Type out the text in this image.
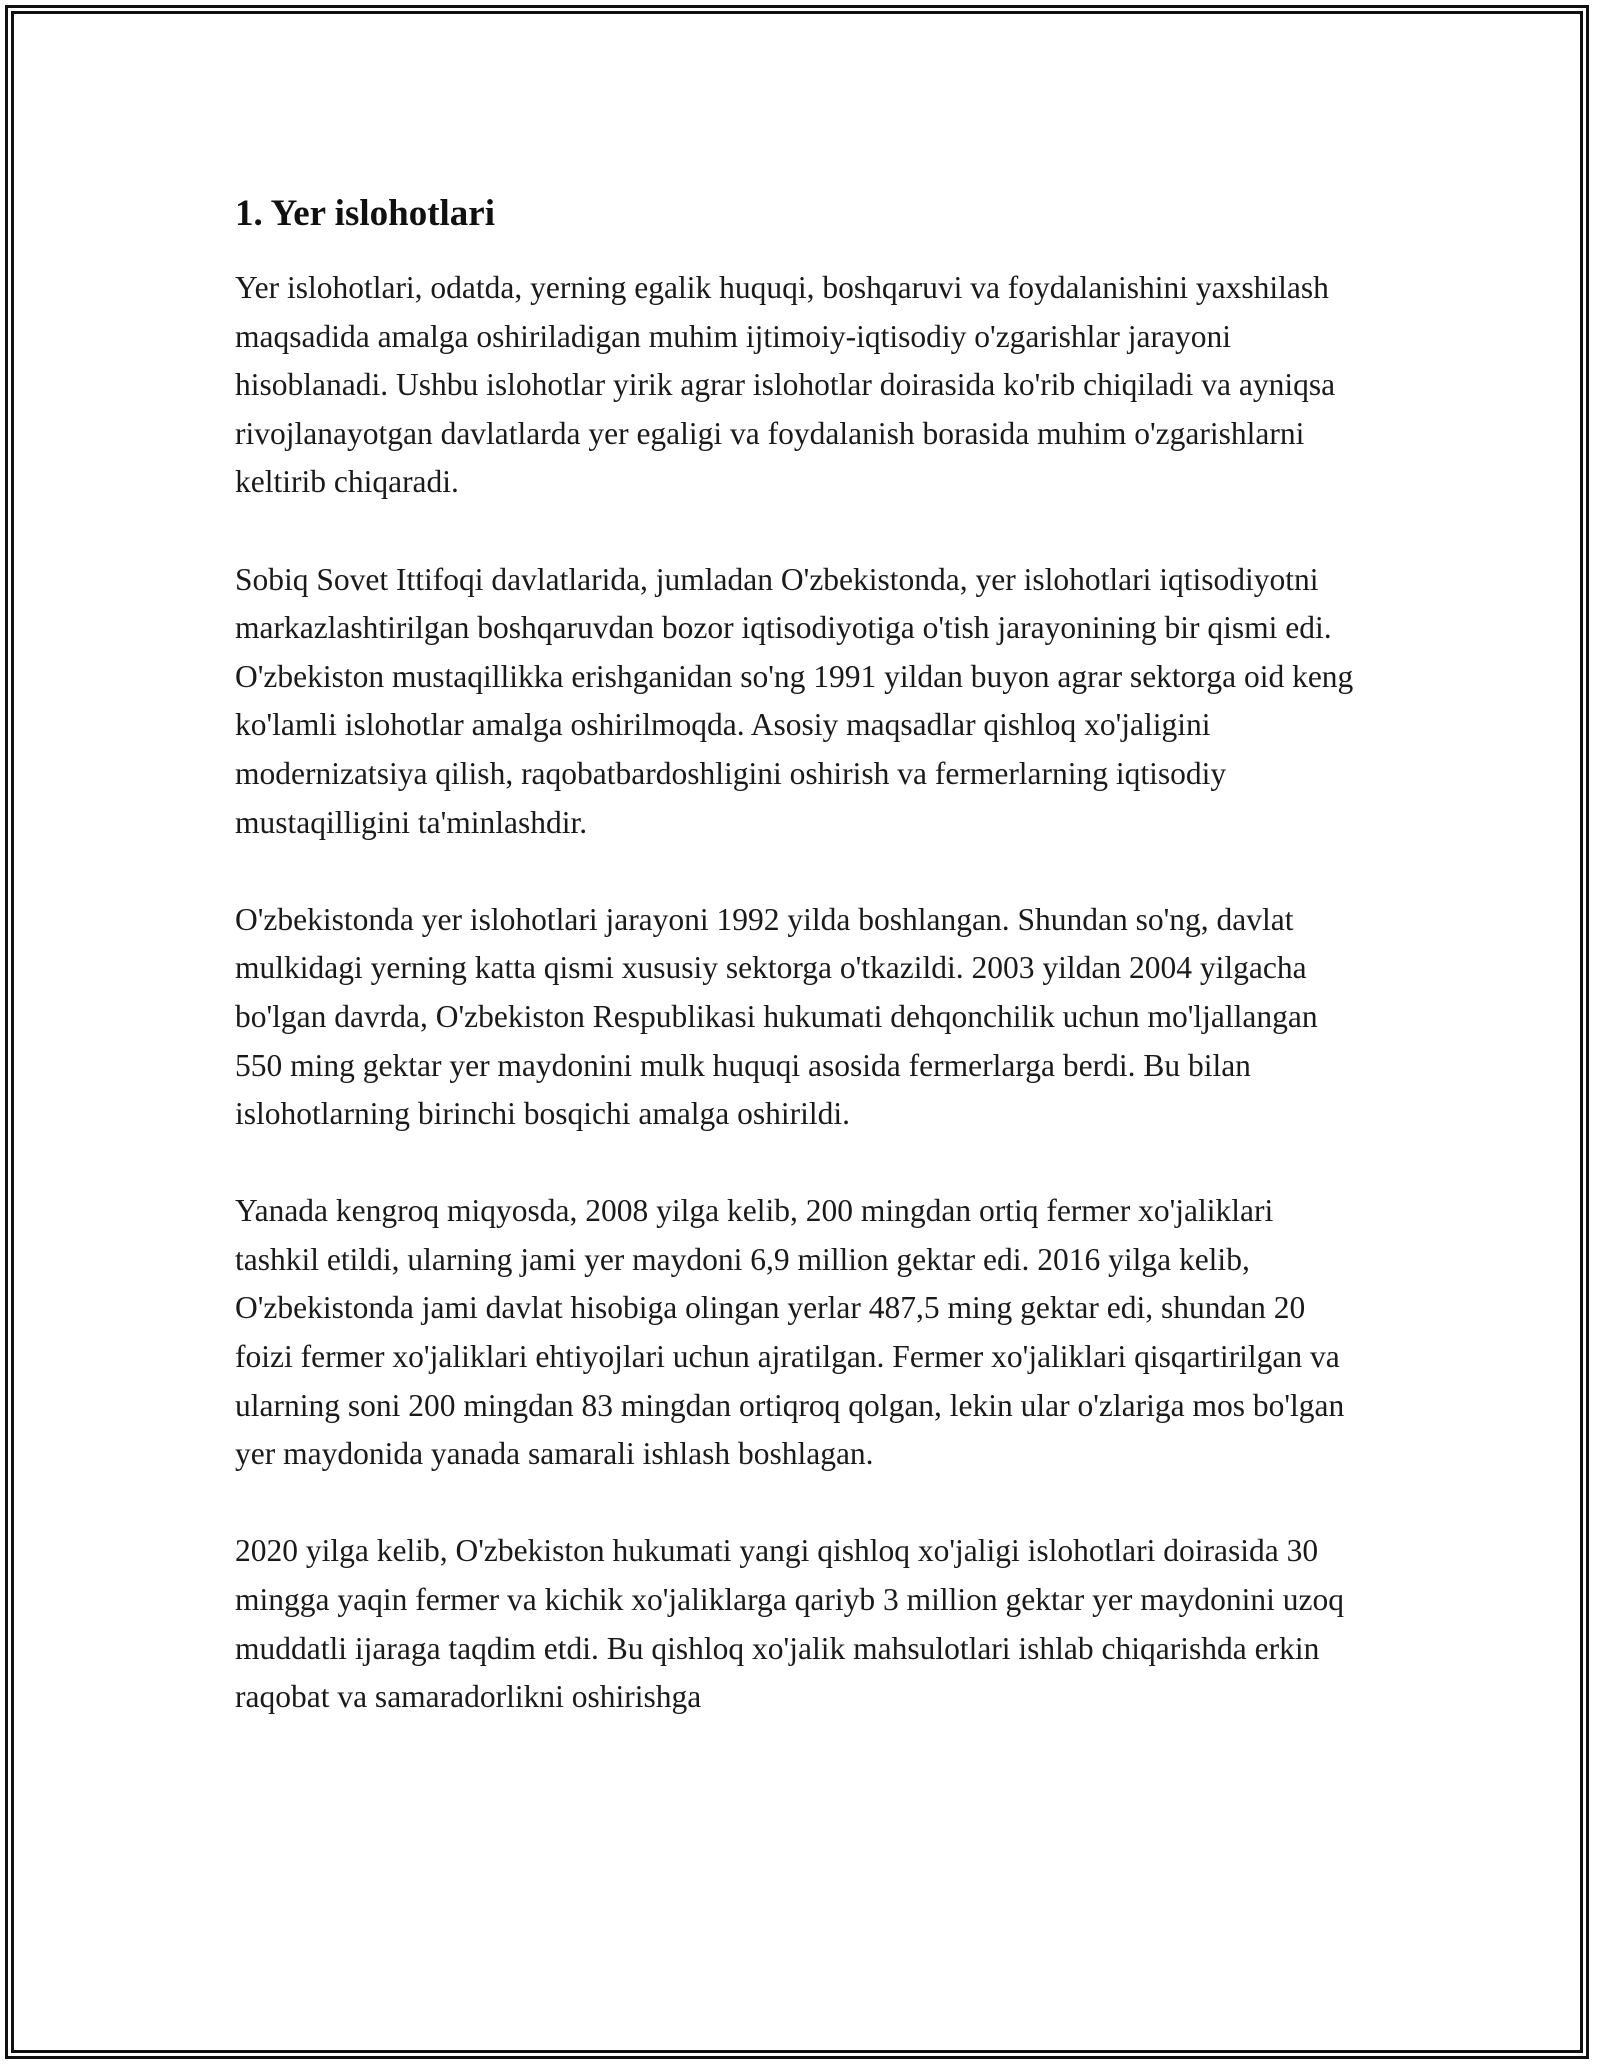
1. Yer islohotlari

Yer islohotlari, odatda, yerning egalik huquqi, boshqaruvi va foydalanishini yaxshilash maqsadida amalga oshiriladigan muhim ijtimoiy-iqtisodiy o'zgarishlar jarayoni hisoblanadi. Ushbu islohotlar yirik agrar islohotlar doirasida ko'rib chiqiladi va ayniqsa rivojlanayotgan davlatlarda yer egaligi va foydalanish borasida muhim o'zgarishlarni keltirib chiqaradi.

Sobiq Sovet Ittifoqi davlatlarida, jumladan O'zbekistonda, yer islohotlari iqtisodiyotni markazlashtirilgan boshqaruvdan bozor iqtisodiyotiga o'tish jarayonining bir qismi edi. O'zbekiston mustaqillikka erishganidan so'ng 1991 yildan buyon agrar sektorga oid keng ko'lamli islohotlar amalga oshirilmoqda. Asosiy maqsadlar qishloq xo'jaligini modernizatsiya qilish, raqobatbardoshligini oshirish va fermerlarning iqtisodiy mustaqilligini ta'minlashdir.

O'zbekistonda yer islohotlari jarayoni 1992 yilda boshlangan. Shundan so'ng, davlat mulkidagi yerning katta qismi xususiy sektorga o'tkazildi. 2003 yildan 2004 yilgacha bo'lgan davrda, O'zbekiston Respublikasi hukumati dehqonchilik uchun mo'ljallangan 550 ming gektar yer maydonini mulk huquqi asosida fermerlarga berdi. Bu bilan islohotlarning birinchi bosqichi amalga oshirildi.

Yanada kengroq miqyosda, 2008 yilga kelib, 200 mingdan ortiq fermer xo'jaliklari tashkil etildi, ularning jami yer maydoni 6,9 million gektar edi. 2016 yilga kelib, O'zbekistonda jami davlat hisobiga olingan yerlar 487,5 ming gektar edi, shundan 20 foizi fermer xo'jaliklari ehtiyojlari uchun ajratilgan. Fermer xo'jaliklari qisqartirilgan va ularning soni 200 mingdan 83 mingdan ortiqroq qolgan, lekin ular o'zlariga mos bo'lgan yer maydonida yanada samarali ishlash boshlagan.

2020 yilga kelib, O'zbekiston hukumati yangi qishloq xo'jaligi islohotlari doirasida 30 mingga yaqin fermer va kichik xo'jaliklarga qariyb 3 million gektar yer maydonini uzoq muddatli ijaraga taqdim etdi. Bu qishloq xo'jalik mahsulotlari ishlab chiqarishda erkin raqobat va samaradorlikni oshirishga
